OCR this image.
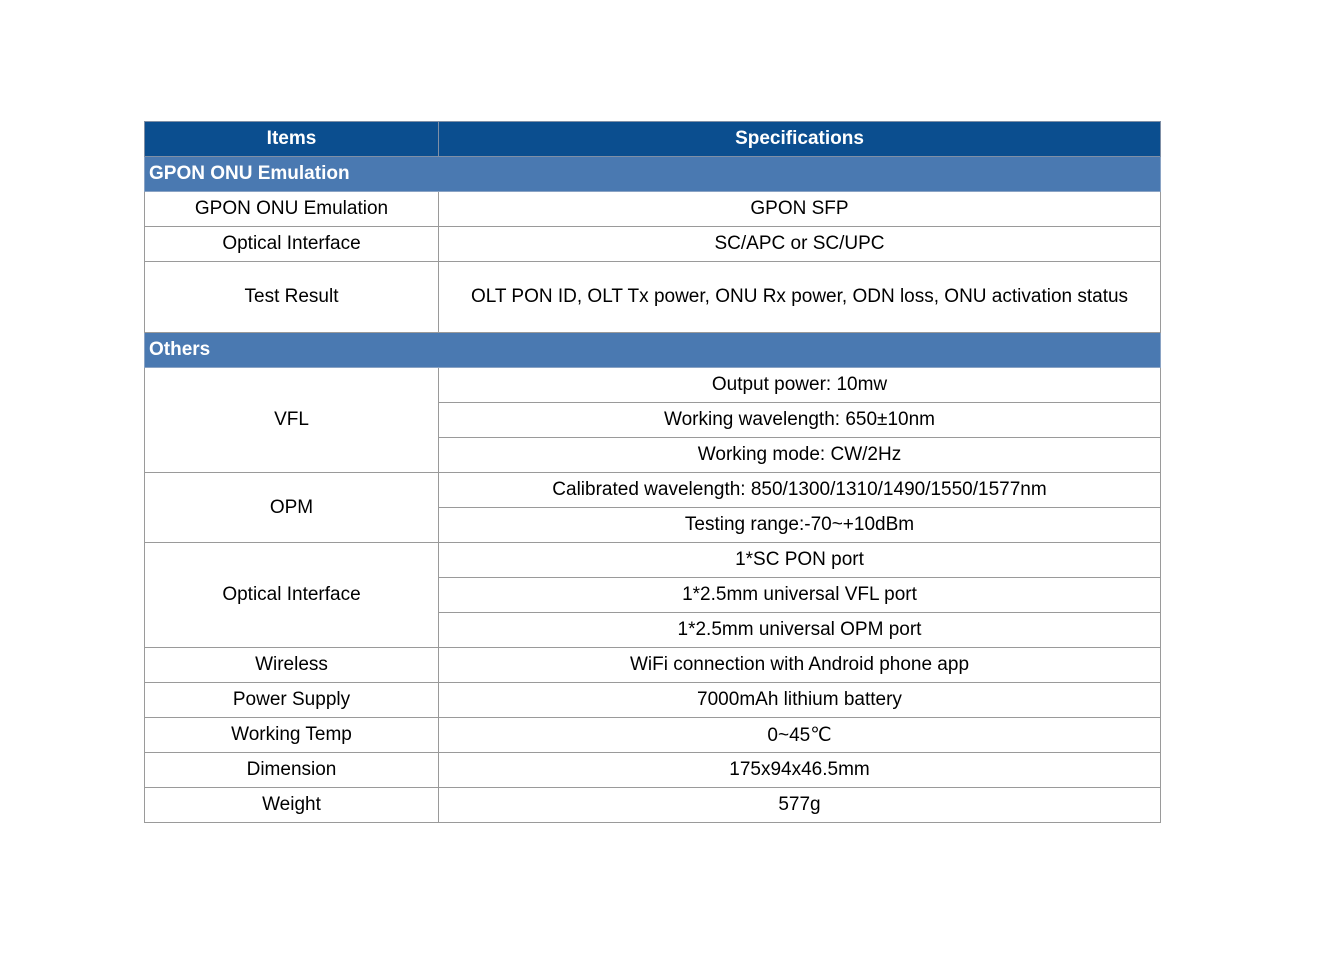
Items	Specifications
GPON ONU Emulation	
GPON ONU Emulation	GPON SFP
Optical Interface	SC/APC or SC/UPC
Test Result	OLT PON ID, OLT Tx power, ONU Rx power, ODN loss, ONU activation status
Others	
VFL	Output power: 10mw
	Working wavelength: 650±10nm
	Working mode: CW/2Hz
OPM	Calibrated wavelength: 850/1300/1310/1490/1550/1577nm
	Testing range:-70~+10dBm
Optical Interface	1*SC PON port
	1*2.5mm universal VFL port
	1*2.5mm universal OPM port
Wireless	WiFi connection with Android phone app
Power Supply	7000mAh lithium battery
Working Temp	0~45℃
Dimension	175x94x46.5mm
Weight	577g
